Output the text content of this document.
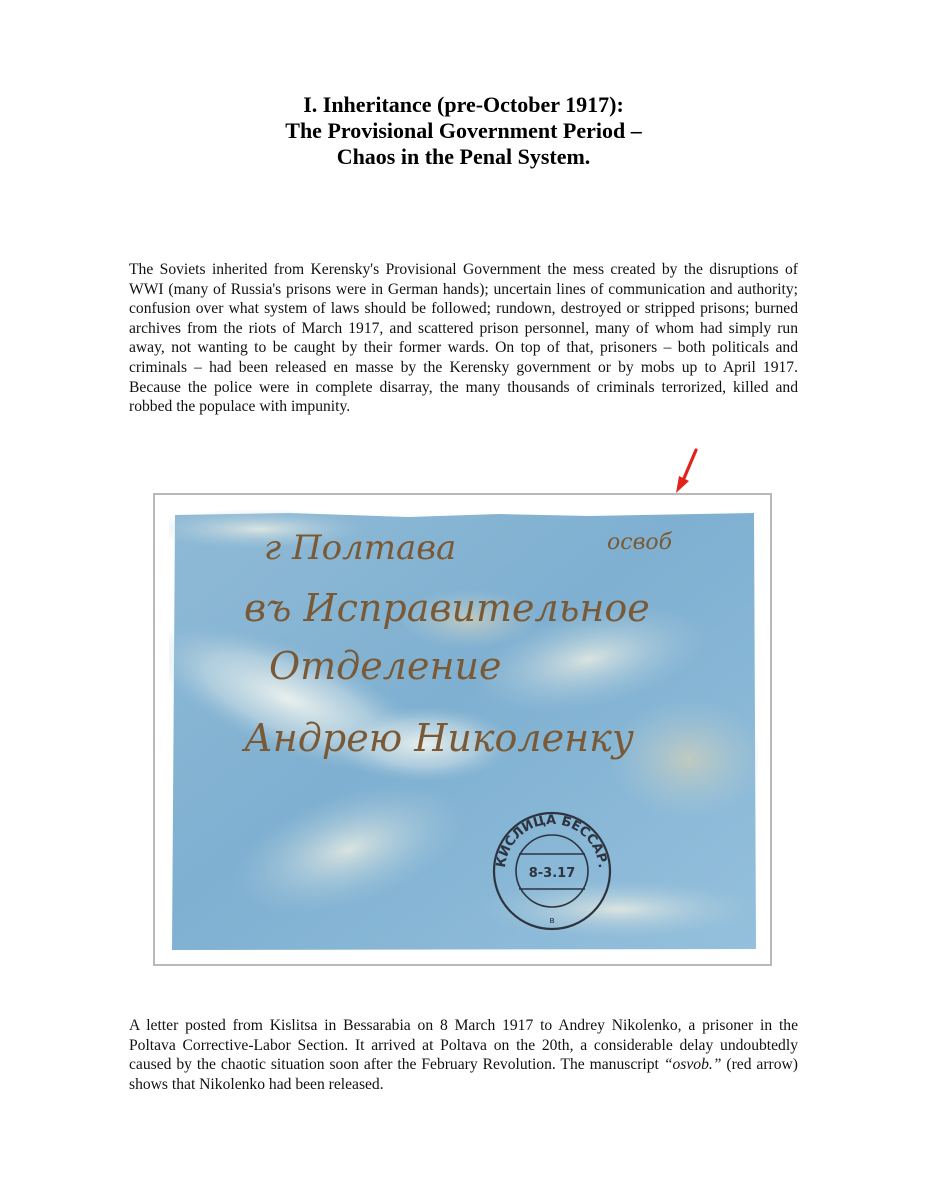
I. Inheritance (pre-October 1917):
The Provisional Government Period –
Chaos in the Penal System.

The Soviets inherited from Kerensky's Provisional Government the mess created by the disruptions of WWI (many of Russia's prisons were in German hands); uncertain lines of communication and authority; confusion over what system of laws should be followed; rundown, destroyed or stripped prisons; burned archives from the riots of March 1917, and scattered prison personnel, many of whom had simply run away, not wanting to be caught by their former wards. On top of that, prisoners – both politicals and criminals – had been released en masse by the Kerensky government or by mobs up to April 1917. Because the police were in complete disarray, the many thousands of criminals terrorized, killed and robbed the populace with impunity.

г Полтава	освоб
въ Исправительное
Отделение
Андрею Николенку
КИСЛИЦА БЕССАР.
8-3.17
в

A letter posted from Kislitsa in Bessarabia on 8 March 1917 to Andrey Nikolenko, a prisoner in the Poltava Corrective-Labor Section. It arrived at Poltava on the 20th, a considerable delay undoubtedly caused by the chaotic situation soon after the February Revolution. The manuscript “osvob.” (red arrow) shows that Nikolenko had been released.
